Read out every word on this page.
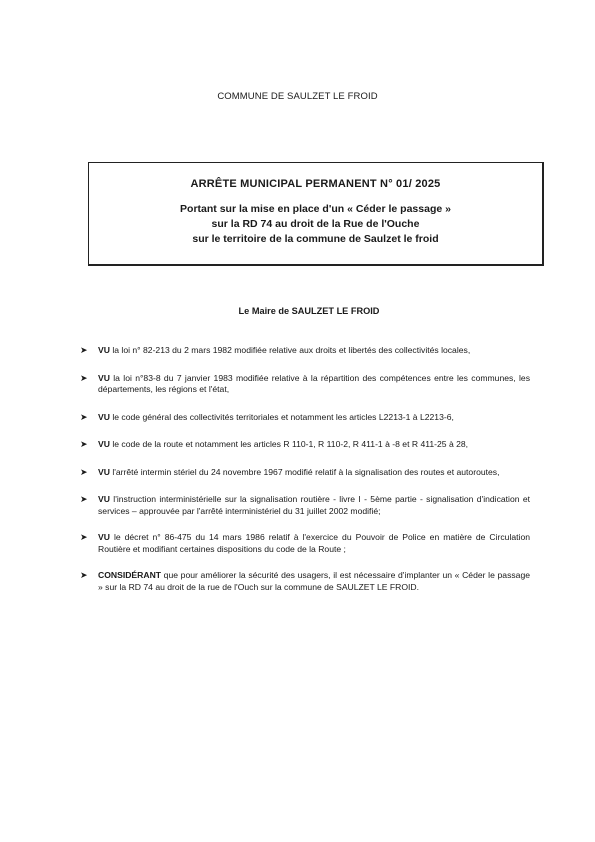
COMMUNE DE SAULZET LE FROID
ARRÊTE MUNICIPAL PERMANENT N° 01/ 2025
Portant sur la mise en place d'un « Céder le passage »
sur la RD 74 au droit de la Rue de l'Ouche
sur le territoire de la commune de Saulzet le froid
Le Maire de SAULZET LE FROID
➤ VU la loi n° 82-213 du 2 mars 1982 modifiée relative aux droits et libertés des collectivités locales,
➤ VU la loi n°83-8 du 7 janvier 1983 modifiée relative à la répartition des compétences entre les communes, les départements, les régions et l'état,
➤ VU le code général des collectivités territoriales et notamment les articles L2213-1 à L2213-6,
➤ VU le code de la route et notamment les articles R 110-1, R 110-2, R 411-1 à -8 et R 411-25 à 28,
➤ VU l'arrêté intermin stériel du 24 novembre 1967 modifié relatif à la signalisation des routes et autoroutes,
➤ VU l'instruction interministérielle sur la signalisation routière - livre I - 5ème partie - signalisation d'indication et services – approuvée par l'arrêté interministériel du 31 juillet 2002 modifié;
➤ VU le décret n° 86-475 du 14 mars 1986 relatif à l'exercice du Pouvoir de Police en matière de Circulation Routière et modifiant certaines dispositions du code de la Route ;
➤ CONSIDÉRANT que pour améliorer la sécurité des usagers, il est nécessaire d'implanter un « Céder le passage » sur la RD 74 au droit de la rue de l'Ouch sur la commune de SAULZET LE FROID.
